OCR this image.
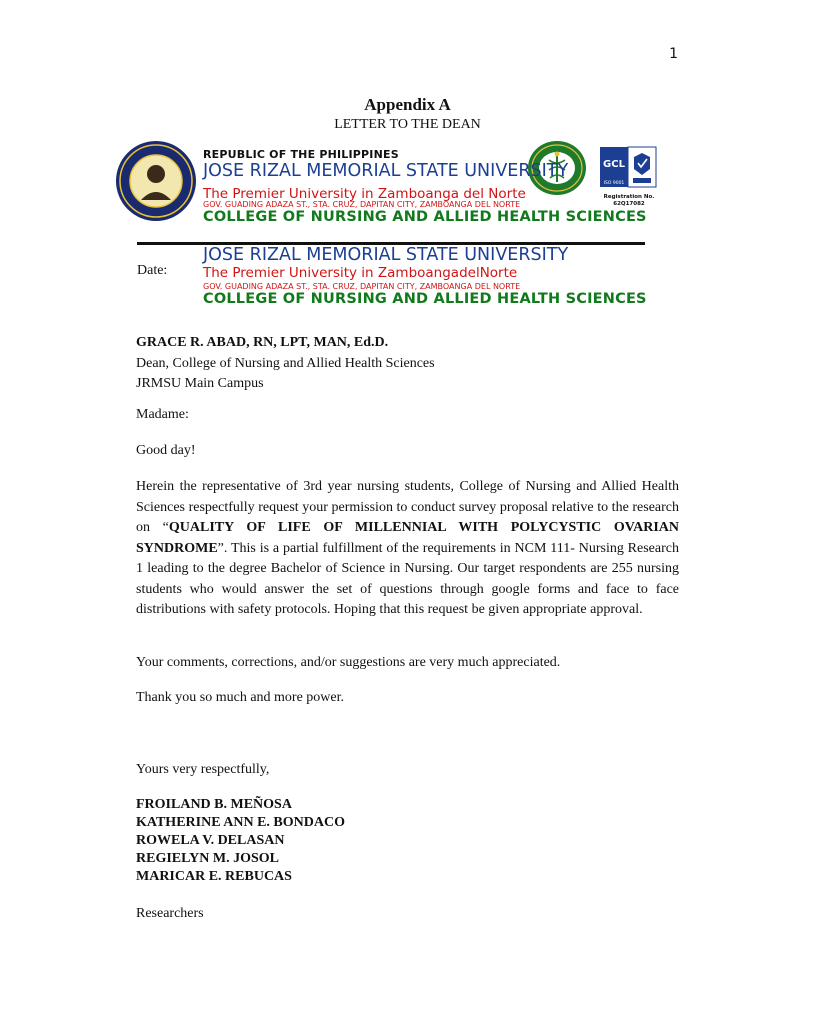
1
Appendix A
LETTER TO THE DEAN
GCL
ISO 9001
Registration No. 62Q17082
REPUBLIC OF THE PHILIPPINES
JOSE RIZAL MEMORIAL STATE UNIVERSITY
The Premier University in Zamboanga del Norte
GOV. GUADING ADAZA ST., STA. CRUZ, DAPITAN CITY, ZAMBOANGA DEL NORTE
COLLEGE OF NURSING AND ALLIED HEALTH SCIENCES
JOSE RIZAL MEMORIAL STATE UNIVERSITY
Date:	The Premier University in ZamboangadelNorte
GOV. GUADING ADAZA ST., STA. CRUZ, DAPITAN CITY, ZAMBOANGA DEL NORTE
COLLEGE OF NURSING AND ALLIED HEALTH SCIENCES
GRACE R. ABAD, RN, LPT, MAN, Ed.D.
Dean, College of Nursing and Allied Health Sciences
JRMSU Main Campus
Madame:
Good day!
Herein the representative of 3rd year nursing students, College of Nursing and Allied Health Sciences respectfully request your permission to conduct survey proposal relative to the research on “QUALITY OF LIFE OF MILLENNIAL WITH POLYCYSTIC OVARIAN SYNDROME”. This is a partial fulfillment of the requirements in NCM 111- Nursing Research 1 leading to the degree Bachelor of Science in Nursing. Our target respondents are 255 nursing students who would answer the set of questions through google forms and face to face distributions with safety protocols. Hoping that this request be given appropriate approval.
Your comments, corrections, and/or suggestions are very much appreciated.
Thank you so much and more power.
Yours very respectfully,
FROILAND B. MEÑOSA
KATHERINE ANN E. BONDACO
ROWELA V. DELASAN
REGIELYN M. JOSOL
MARICAR E. REBUCAS
Researchers
